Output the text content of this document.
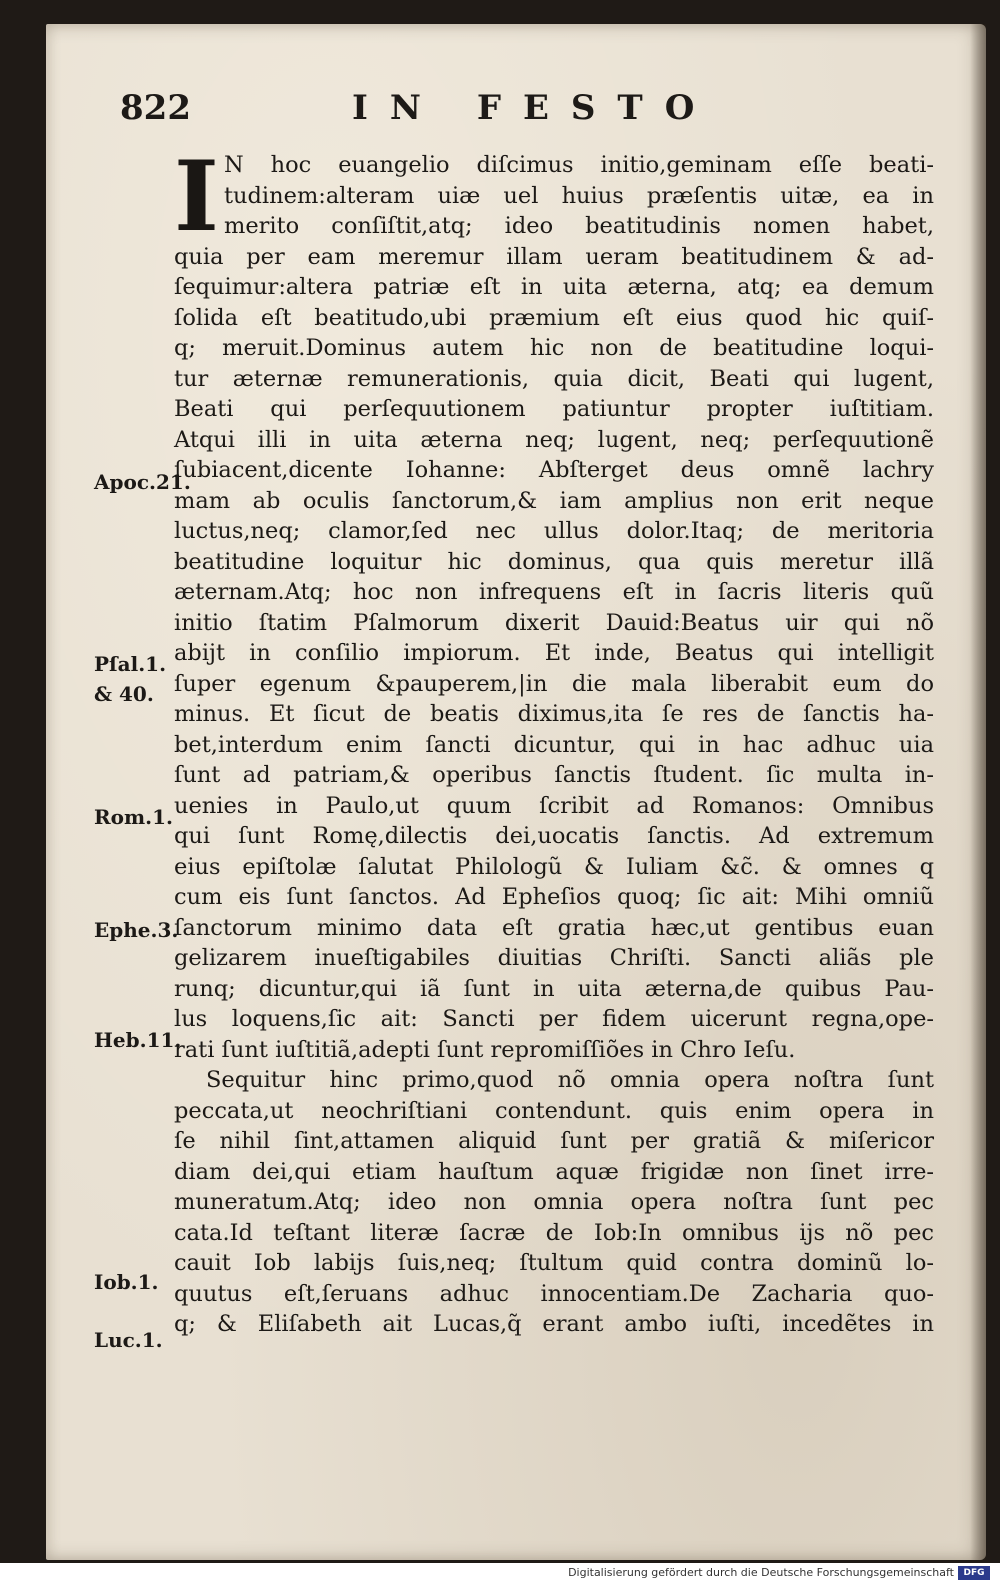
822	IN FESTO
I N hoc euangelio diſcimus initio,geminam eſſe beati-
tudinem:alteram uiæ uel huius præſentis uitæ, ea in
merito conſiſtit,atq; ideo beatitudinis nomen habet,
quia per eam meremur illam ueram beatitudinem & ad-
ſequimur:altera patriæ eſt in uita æterna, atq; ea demum
ſolida eſt beatitudo,ubi præmium eſt eius quod hic quiſ-
q; meruit.Dominus autem hic non de beatitudine loqui-
tur æternæ remunerationis, quia dicit, Beati qui lugent,
Beati qui perſequutionem patiuntur propter iuſtitiam.
Atqui illi in uita æterna neq; lugent, neq; perſequutionẽ
ſubiacent,dicente Iohanne: Abſterget deus omnẽ lachry
mam ab oculis ſanctorum,& iam amplius non erit neque
luctus,neq; clamor,ſed nec ullus dolor.Itaq; de meritoria
beatitudine loquitur hic dominus, qua quis meretur illã
æternam.Atq; hoc non infrequens eſt in ſacris literis quũ
initio ſtatim Pſalmorum dixerit Dauid:Beatus uir qui nõ
abijt in conſilio impiorum. Et inde, Beatus qui intelligit
ſuper egenum &pauperem,|in die mala liberabit eum do
minus. Et ſicut de beatis diximus,ita ſe res de ſanctis ha-
bet,interdum enim ſancti dicuntur, qui in hac adhuc uia
ſunt ad patriam,& operibus ſanctis ſtudent. ſic multa in-
uenies in Paulo,ut quum ſcribit ad Romanos: Omnibus
qui ſunt Romę,dilectis dei,uocatis ſanctis. Ad extremum
eius epiſtolæ ſalutat Philologũ & Iuliam &c̃. & omnes q
cum eis ſunt ſanctos. Ad Epheſios quoq; ſic ait: Mihi omniũ
ſanctorum minimo data eſt gratia hæc,ut gentibus euan
gelizarem inueſtigabiles diuitias Chriſti. Sancti aliãs ple
runq; dicuntur,qui iã ſunt in uita æterna,de quibus Pau-
lus loquens,ſic ait: Sancti per fidem uicerunt regna,ope-
rati ſunt iuſtitiã,adepti ſunt repromiſſiões in Chro Ieſu.
Sequitur hinc primo,quod nõ omnia opera noſtra ſunt
peccata,ut neochriſtiani contendunt. quis enim opera in
ſe nihil ſint,attamen aliquid ſunt per gratiã & miſericor
diam dei,qui etiam hauſtum aquæ frigidæ non ſinet irre-
muneratum.Atq; ideo non omnia opera noſtra ſunt pec
cata.Id teſtant literæ ſacræ de Iob:In omnibus ijs nõ pec
cauit Iob labijs ſuis,neq; ſtultum quid contra dominũ lo-
quutus eſt,ſeruans adhuc innocentiam.De Zacharia quo-
q; & Eliſabeth ait Lucas,q̃ erant ambo iuſti, incedẽtes in
Apoc.21.
Pſal.1.
& 40.
Rom.1.
Ephe.3.
Heb.11.
Iob.1.
Luc.1.
Digitalisierung gefördert durch die Deutsche Forschungsgemeinschaft	DFG
